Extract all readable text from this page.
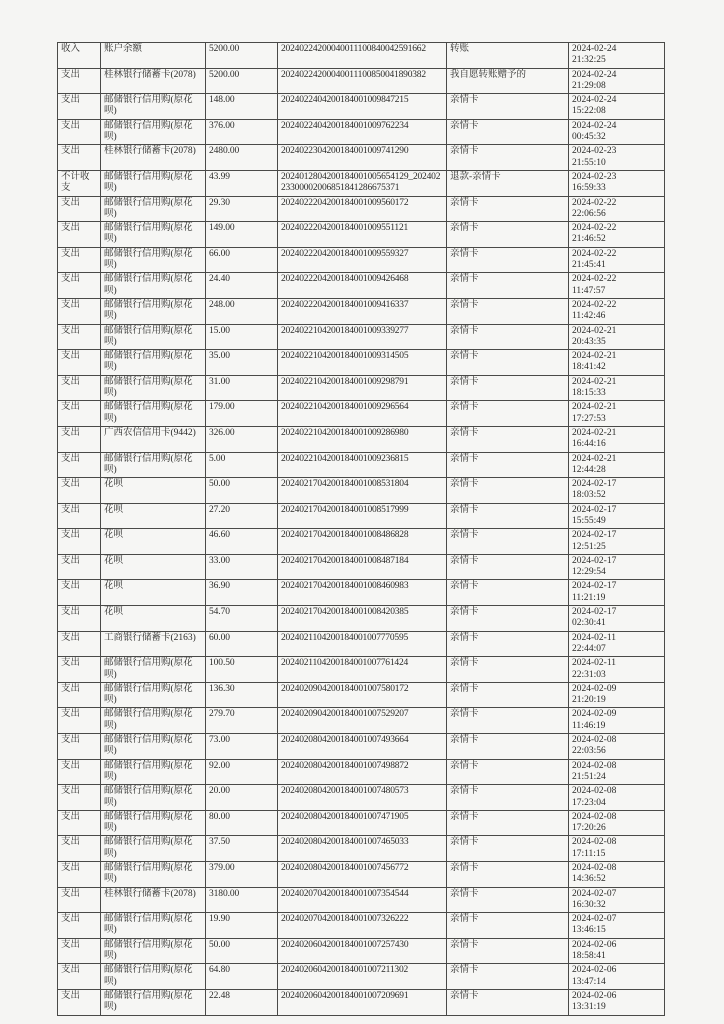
收入	账户余额	5200.00	20240224200040011100840042591662	转账	2024-02-24
21:32:25

支出	桂林银行储蓄卡(2078)	5200.00	20240224200040011100850041890382	我自愿转账赠予的	2024-02-24
21:29:08

支出	邮储银行信用购(原花呗)	148.00	2024022404200184001009847215	亲情卡	2024-02-24
15:22:08

支出	邮储银行信用购(原花呗)	376.00	2024022404200184001009762234	亲情卡	2024-02-24
00:45:32

支出	桂林银行储蓄卡(2078)	2480.00	2024022304200184001009741290	亲情卡	2024-02-23
21:55:10

不计收支	邮储银行信用购(原花呗)	43.99	2024012804200184001005654129_20240223300002006851841286675371	退款-亲情卡	2024-02-23
16:59:33

支出	邮储银行信用购(原花呗)	29.30	2024022204200184001009560172	亲情卡	2024-02-22
22:06:56

支出	邮储银行信用购(原花呗)	149.00	2024022204200184001009551121	亲情卡	2024-02-22
21:46:52

支出	邮储银行信用购(原花呗)	66.00	2024022204200184001009559327	亲情卡	2024-02-22
21:45:41

支出	邮储银行信用购(原花呗)	24.40	2024022204200184001009426468	亲情卡	2024-02-22
11:47:57

支出	邮储银行信用购(原花呗)	248.00	2024022204200184001009416337	亲情卡	2024-02-22
11:42:46

支出	邮储银行信用购(原花呗)	15.00	2024022104200184001009339277	亲情卡	2024-02-21
20:43:35

支出	邮储银行信用购(原花呗)	35.00	2024022104200184001009314505	亲情卡	2024-02-21
18:41:42

支出	邮储银行信用购(原花呗)	31.00	2024022104200184001009298791	亲情卡	2024-02-21
18:15:33

支出	邮储银行信用购(原花呗)	179.00	2024022104200184001009296564	亲情卡	2024-02-21
17:27:53

支出	广西农信信用卡(9442)	326.00	2024022104200184001009286980	亲情卡	2024-02-21
16:44:16

支出	邮储银行信用购(原花呗)	5.00	2024022104200184001009236815	亲情卡	2024-02-21
12:44:28

支出	花呗	50.00	2024021704200184001008531804	亲情卡	2024-02-17
18:03:52

支出	花呗	27.20	2024021704200184001008517999	亲情卡	2024-02-17
15:55:49

支出	花呗	46.60	2024021704200184001008486828	亲情卡	2024-02-17
12:51:25

支出	花呗	33.00	2024021704200184001008487184	亲情卡	2024-02-17
12:29:54

支出	花呗	36.90	2024021704200184001008460983	亲情卡	2024-02-17
11:21:19

支出	花呗	54.70	2024021704200184001008420385	亲情卡	2024-02-17
02:30:41

支出	工商银行储蓄卡(2163)	60.00	2024021104200184001007770595	亲情卡	2024-02-11
22:44:07

支出	邮储银行信用购(原花呗)	100.50	2024021104200184001007761424	亲情卡	2024-02-11
22:31:03

支出	邮储银行信用购(原花呗)	136.30	2024020904200184001007580172	亲情卡	2024-02-09
21:20:19

支出	邮储银行信用购(原花呗)	279.70	2024020904200184001007529207	亲情卡	2024-02-09
11:46:19

支出	邮储银行信用购(原花呗)	73.00	2024020804200184001007493664	亲情卡	2024-02-08
22:03:56

支出	邮储银行信用购(原花呗)	92.00	2024020804200184001007498872	亲情卡	2024-02-08
21:51:24

支出	邮储银行信用购(原花呗)	20.00	2024020804200184001007480573	亲情卡	2024-02-08
17:23:04

支出	邮储银行信用购(原花呗)	80.00	2024020804200184001007471905	亲情卡	2024-02-08
17:20:26

支出	邮储银行信用购(原花呗)	37.50	2024020804200184001007465033	亲情卡	2024-02-08
17:11:15

支出	邮储银行信用购(原花呗)	379.00	2024020804200184001007456772	亲情卡	2024-02-08
14:36:52

支出	桂林银行储蓄卡(2078)	3180.00	2024020704200184001007354544	亲情卡	2024-02-07
16:30:32

支出	邮储银行信用购(原花呗)	19.90	2024020704200184001007326222	亲情卡	2024-02-07
13:46:15

支出	邮储银行信用购(原花呗)	50.00	2024020604200184001007257430	亲情卡	2024-02-06
18:58:41

支出	邮储银行信用购(原花呗)	64.80	2024020604200184001007211302	亲情卡	2024-02-06
13:47:14

支出	邮储银行信用购(原花呗)	22.48	2024020604200184001007209691	亲情卡	2024-02-06
13:31:19
